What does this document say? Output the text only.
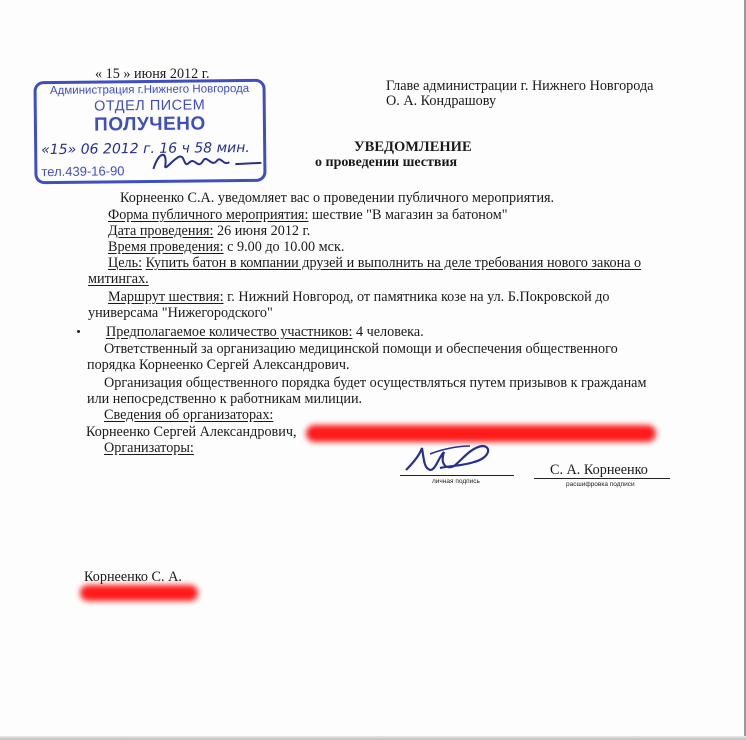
« 15 » июня 2012 г.
Главе администрации г. Нижнего Новгорода
О. А. Кондрашову
Администрация г.Нижнего Новгорода
ОТДЕЛ ПИСЕМ
ПОЛУЧЕНО
«15» 06 2012 г. 16 ч 58 мин.
тел.439-16-90
УВЕДОМЛЕНИЕ
о проведении шествия
Корнеенко С.А. уведомляет вас о проведении публичного мероприятия.
Форма публичного мероприятия: шествие "В магазин за батоном"
Дата проведения: 26 июня 2012 г.
Время проведения: с 9.00 до 10.00 мск.
Цель: Купить батон в компании друзей и выполнить на деле требования нового закона о
митингах.
Маршрут шествия: г. Нижний Новгород, от памятника козе на ул. Б.Покровской до
универсама "Нижегородского"
Предполагаемое количество участников: 4 человека.
Ответственный за организацию медицинской помощи и обеспечения общественного
порядка Корнеенко Сергей Александрович.
Организация общественного порядка будет осуществляться путем призывов к гражданам
или непосредственно к работникам милиции.
Сведения об организаторах:
Корнеенко Сергей Александрович,
Организаторы:
личная подпись
С. А. Корнеенко
расшифровка подписи
Корнеенко С. А.
